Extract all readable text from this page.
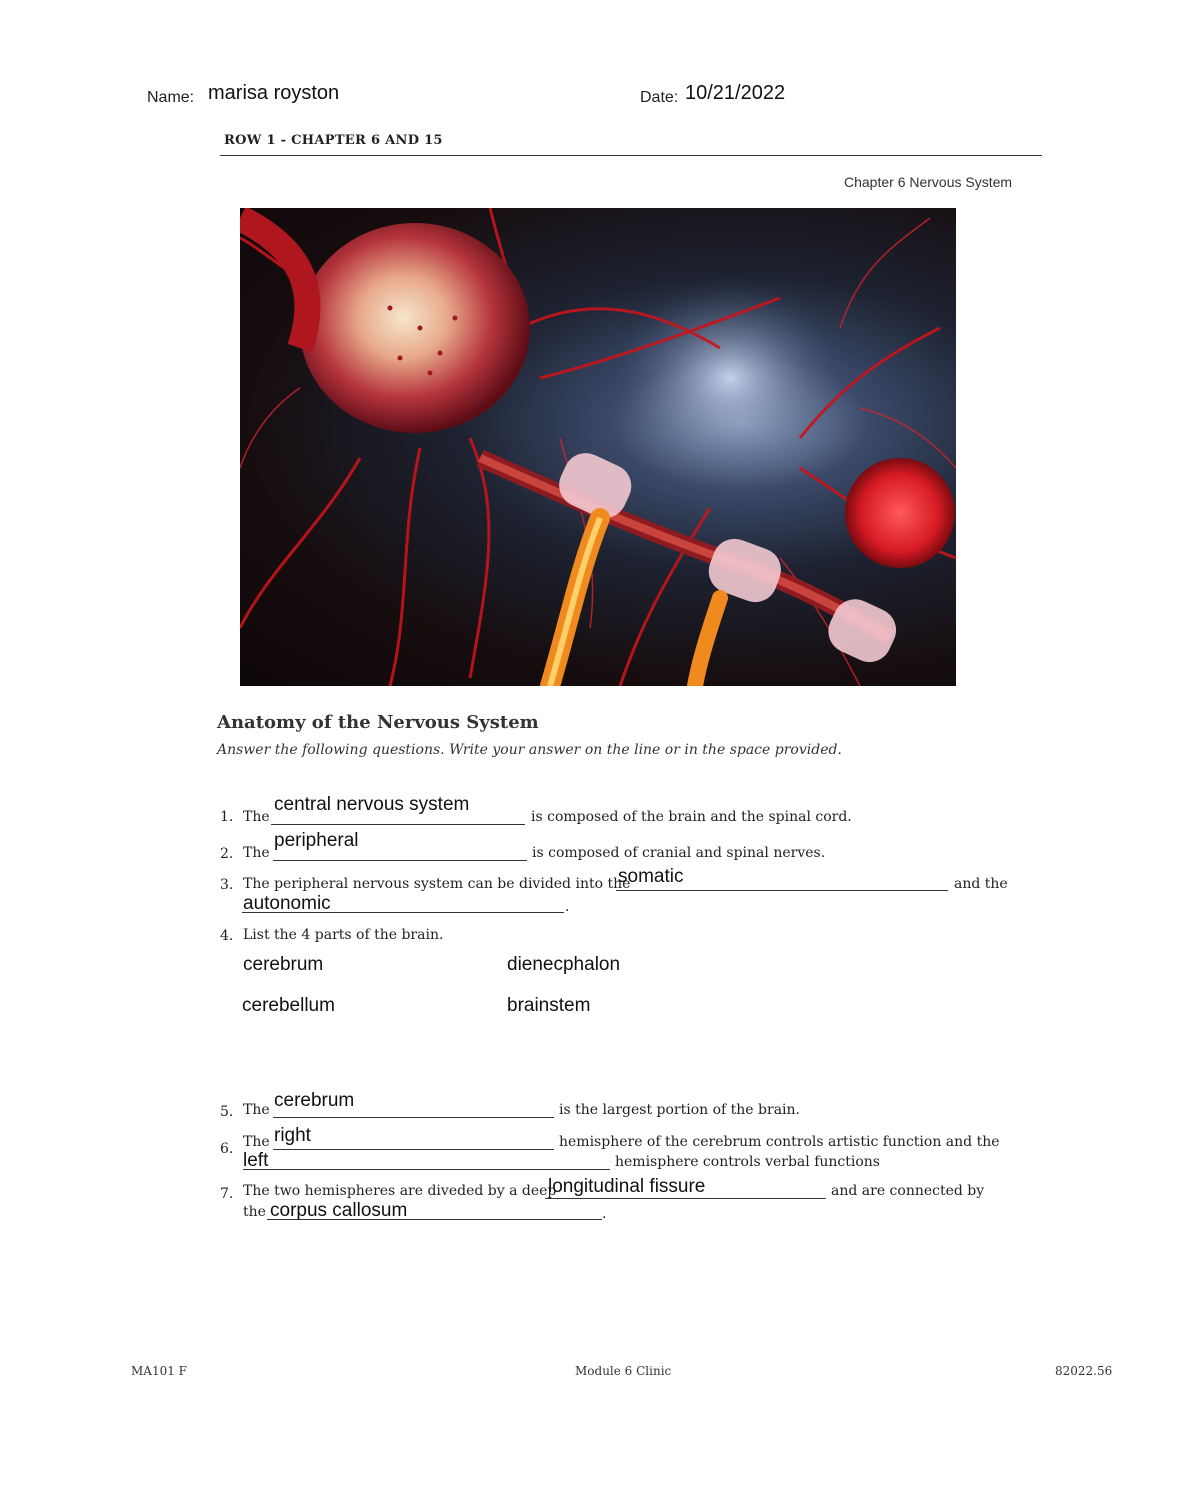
Name: marisa royston	Date: 10/21/2022
ROW 1 - CHAPTER 6 AND 15
Chapter 6 Nervous System
Anatomy of the Nervous System
Answer the following questions. Write your answer on the line or in the space provided.
1. The
central nervous system
is composed of the brain and the spinal cord.
2. The
peripheral
is composed of cranial and spinal nerves.
3. The peripheral nervous system can be divided into the
somatic	and the
autonomic	.
4. List the 4 parts of the brain.
cerebrum	dienecphalon
cerebellum	brainstem
5. The cerebrum	is the largest portion of the brain.
6. The right	hemisphere of the cerebrum controls artistic function and the
left	hemisphere controls verbal functions
7. The two hemispheres are diveded by a deep
longitudinal fissure	and are connected by
the corpus callosum	.
MA101 F	Module 6 Clinic	82022.56
